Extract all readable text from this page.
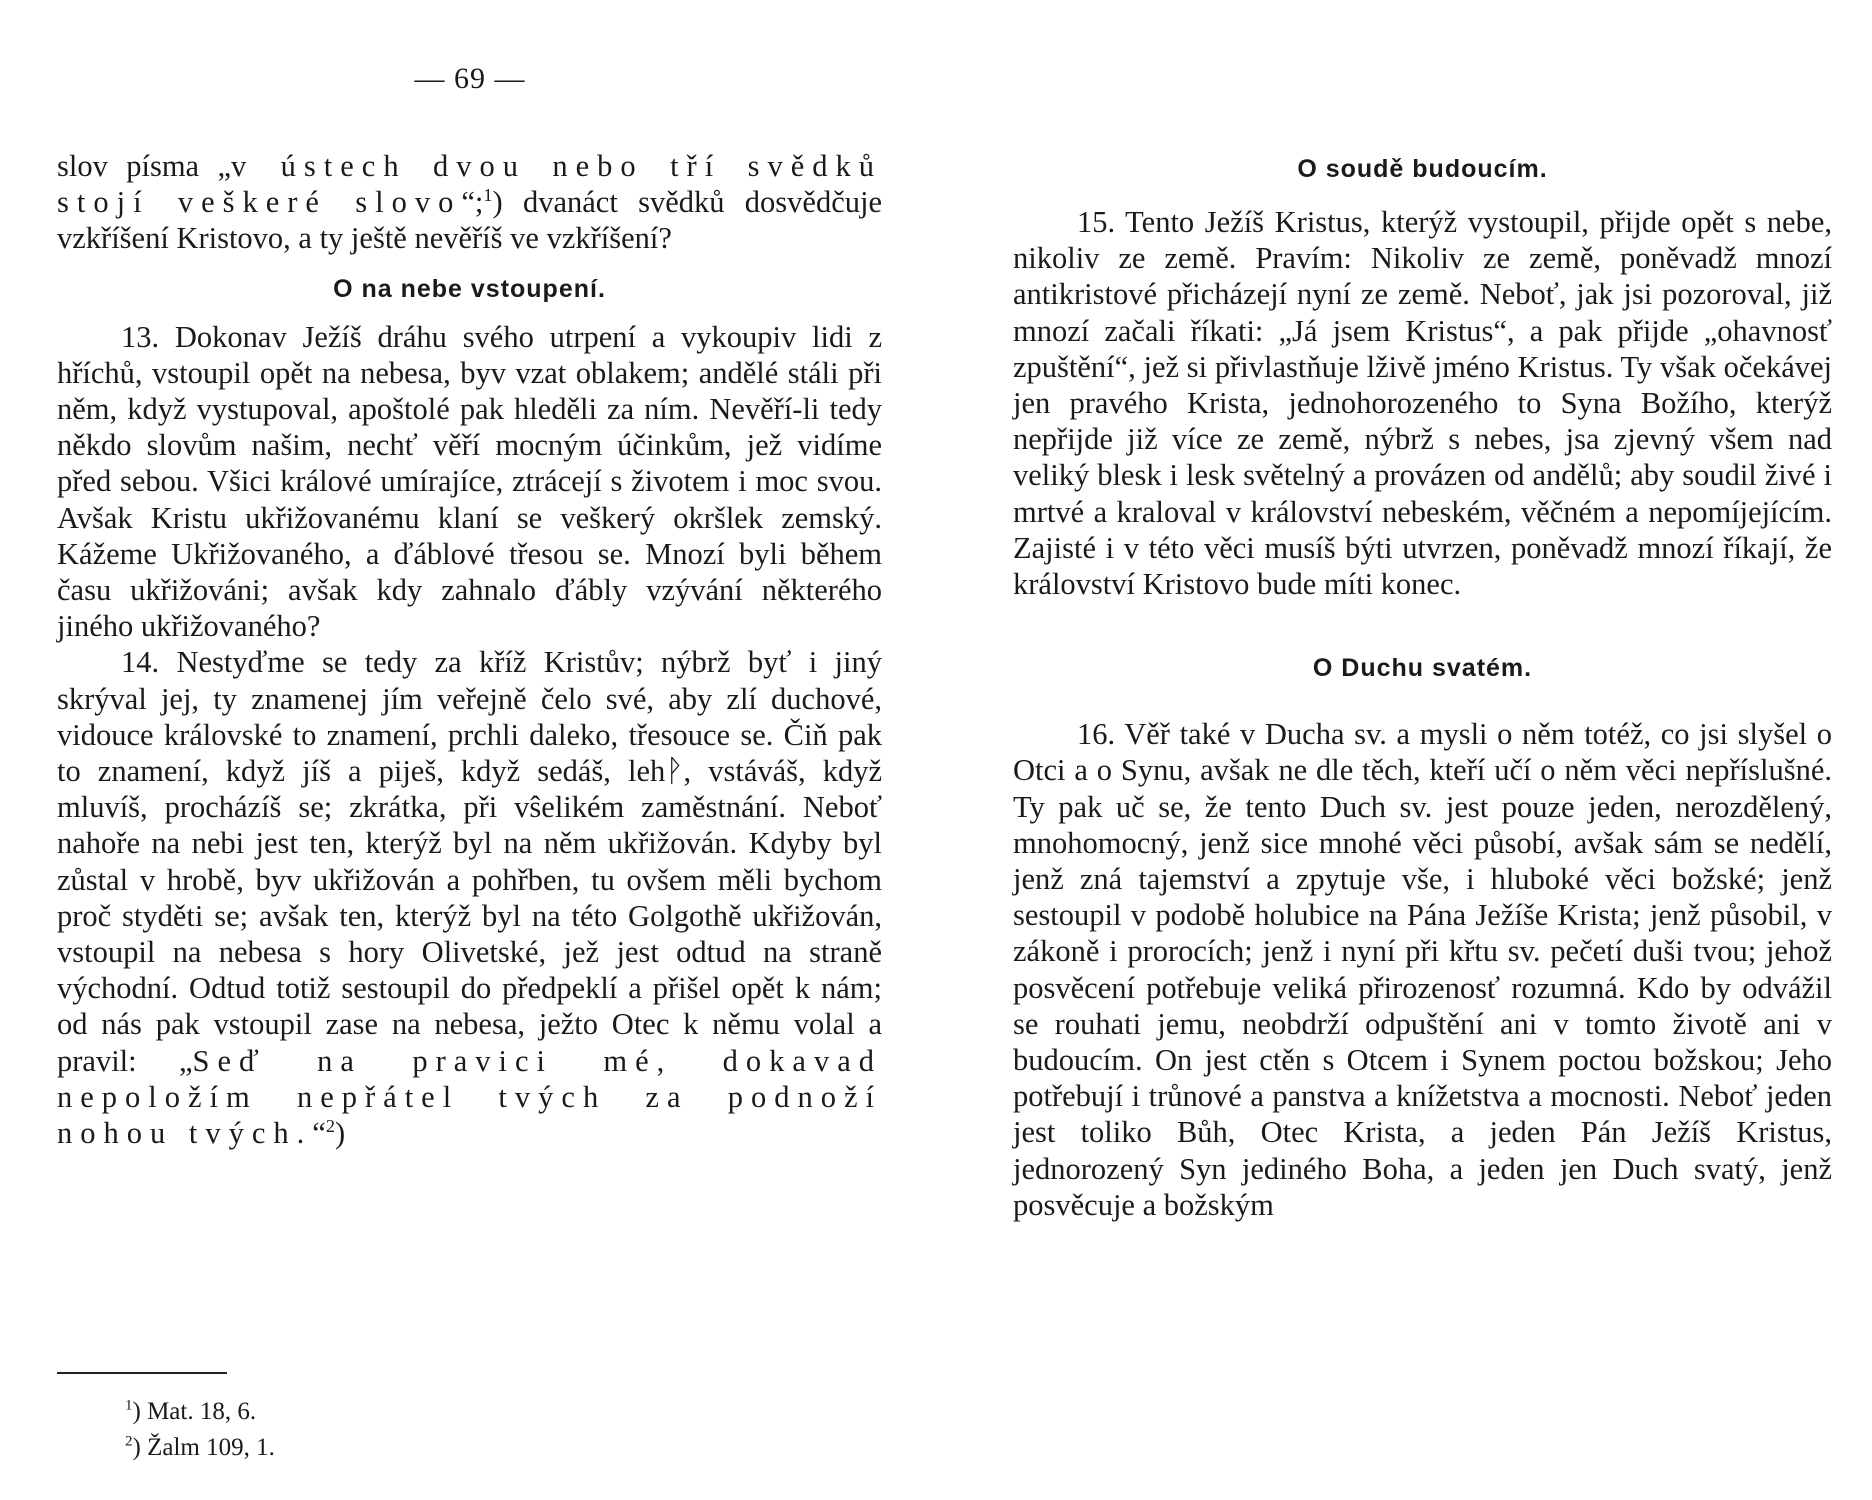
— 69 —

slov písma „v ústech dvou nebo tří svědků stojí veškeré slovo“;$^1$) dvanáct svědků dosvědčuje vzkříšení Kristovo, a ty ještě nevěříš ve vzkříšení?

O na nebe vstoupení.

13. Dokonav Ježíš dráhu svého utrpení a vykoupiv lidi z hříchů, vstoupil opět na nebesa, byv vzat oblakem; andělé stáli při něm, když vystupoval, apoštolé pak hleděli za ním. Nevěří-li tedy někdo slovům našim, nechť věří mocným účinkům, jež vidíme před sebou. Všici králové umírajíce, ztrácejí s životem i moc svou. Avšak Kristu ukřižovanému klaní se veškerý okršlek zemský. Kážeme Ukřižovaného, a ďáblové třesou se. Mnozí byli během času ukřižováni; avšak kdy zahnalo ďábly vzývání některého jiného ukřižovaného?

14. Nestyďme se tedy za kříž Kristův; nýbrž byť i jiný skrýval jej, ty znamenej jím veřejně čelo své, aby zlí duchové, vidouce královské to znamení, prchli daleko, třesouce se. Čiň pak to znamení, když jíš a piješ, když sedáš, lehᚹ, vstáváš, když mluvíš, procházíš se; zkrátka, při vŝelikém zaměstnání. Neboť nahoře na nebi jest ten, kterýž byl na něm ukřižován. Kdyby byl zůstal v hrobě, byv ukřižován a pohřben, tu ovšem měli bychom proč styděti se; avšak ten, kterýž byl na této Golgothě ukřižován, vstoupil na nebesa s hory Olivetské, jež jest odtud na straně východní. Odtud totiž sestoupil do předpeklí a přišel opět k nám; od nás pak vstoupil zase na nebesa, ježto Otec k němu volal a pravil: „Seď na pravici mé, dokavad nepoložím nepřátel tvých za podnoží nohou tvých.“$^2$)

O soudě budoucím.

15. Tento Ježíš Kristus, kterýž vystoupil, přijde opět s nebe, nikoliv ze země. Pravím: Nikoliv ze země, poněvadž mnozí antikristové přicházejí nyní ze země. Neboť, jak jsi pozoroval, již mnozí začali říkati: „Já jsem Kristus“, a pak přijde „ohavnosť zpuštění“, jež si přivlastňuje lživě jméno Kristus. Ty však očekávej jen pravého Krista, jednohorozeného to Syna Božího, kterýž nepřijde již více ze země, nýbrž s nebes, jsa zjevný všem nad veliký blesk i lesk světelný a provázen od andělů; aby soudil živé i mrtvé a kraloval v království nebeském, věčném a nepomíjejícím. Zajisté i v této věci musíš býti utvrzen, poněvadž mnozí říkají, že království Kristovo bude míti konec.

O Duchu svatém.

16. Věř také v Ducha sv. a mysli o něm totéž, co jsi slyšel o Otci a o Synu, avšak ne dle těch, kteří učí o něm věci nepříslušné. Ty pak uč se, že tento Duch sv. jest pouze jeden, nerozdělený, mnohomocný, jenž sice mnohé věci působí, avšak sám se nedělí, jenž zná tajemství a zpytuje vše, i hluboké věci božské; jenž sestoupil v podobě holubice na Pána Ježíše Krista; jenž působil, v zákoně i prorocích; jenž i nyní při křtu sv. pečetí duši tvou; jehož posvěcení potřebuje veliká přirozenosť rozumná. Kdo by odvážil se rouhati jemu, neobdrží odpuštění ani v tomto životě ani v budoucím. On jest ctěn s Otcem i Synem poctou božskou; Jeho potřebují i trůnové a panstva a knížetstva a mocnosti. Neboť jeden jest toliko Bůh, Otec Krista, a jeden Pán Ježíš Kristus, jednorozený Syn jediného Boha, a jeden jen Duch svatý, jenž posvěcuje a božským

$^1$) Mat. 18, 6.
$^2$) Žalm 109, 1.
